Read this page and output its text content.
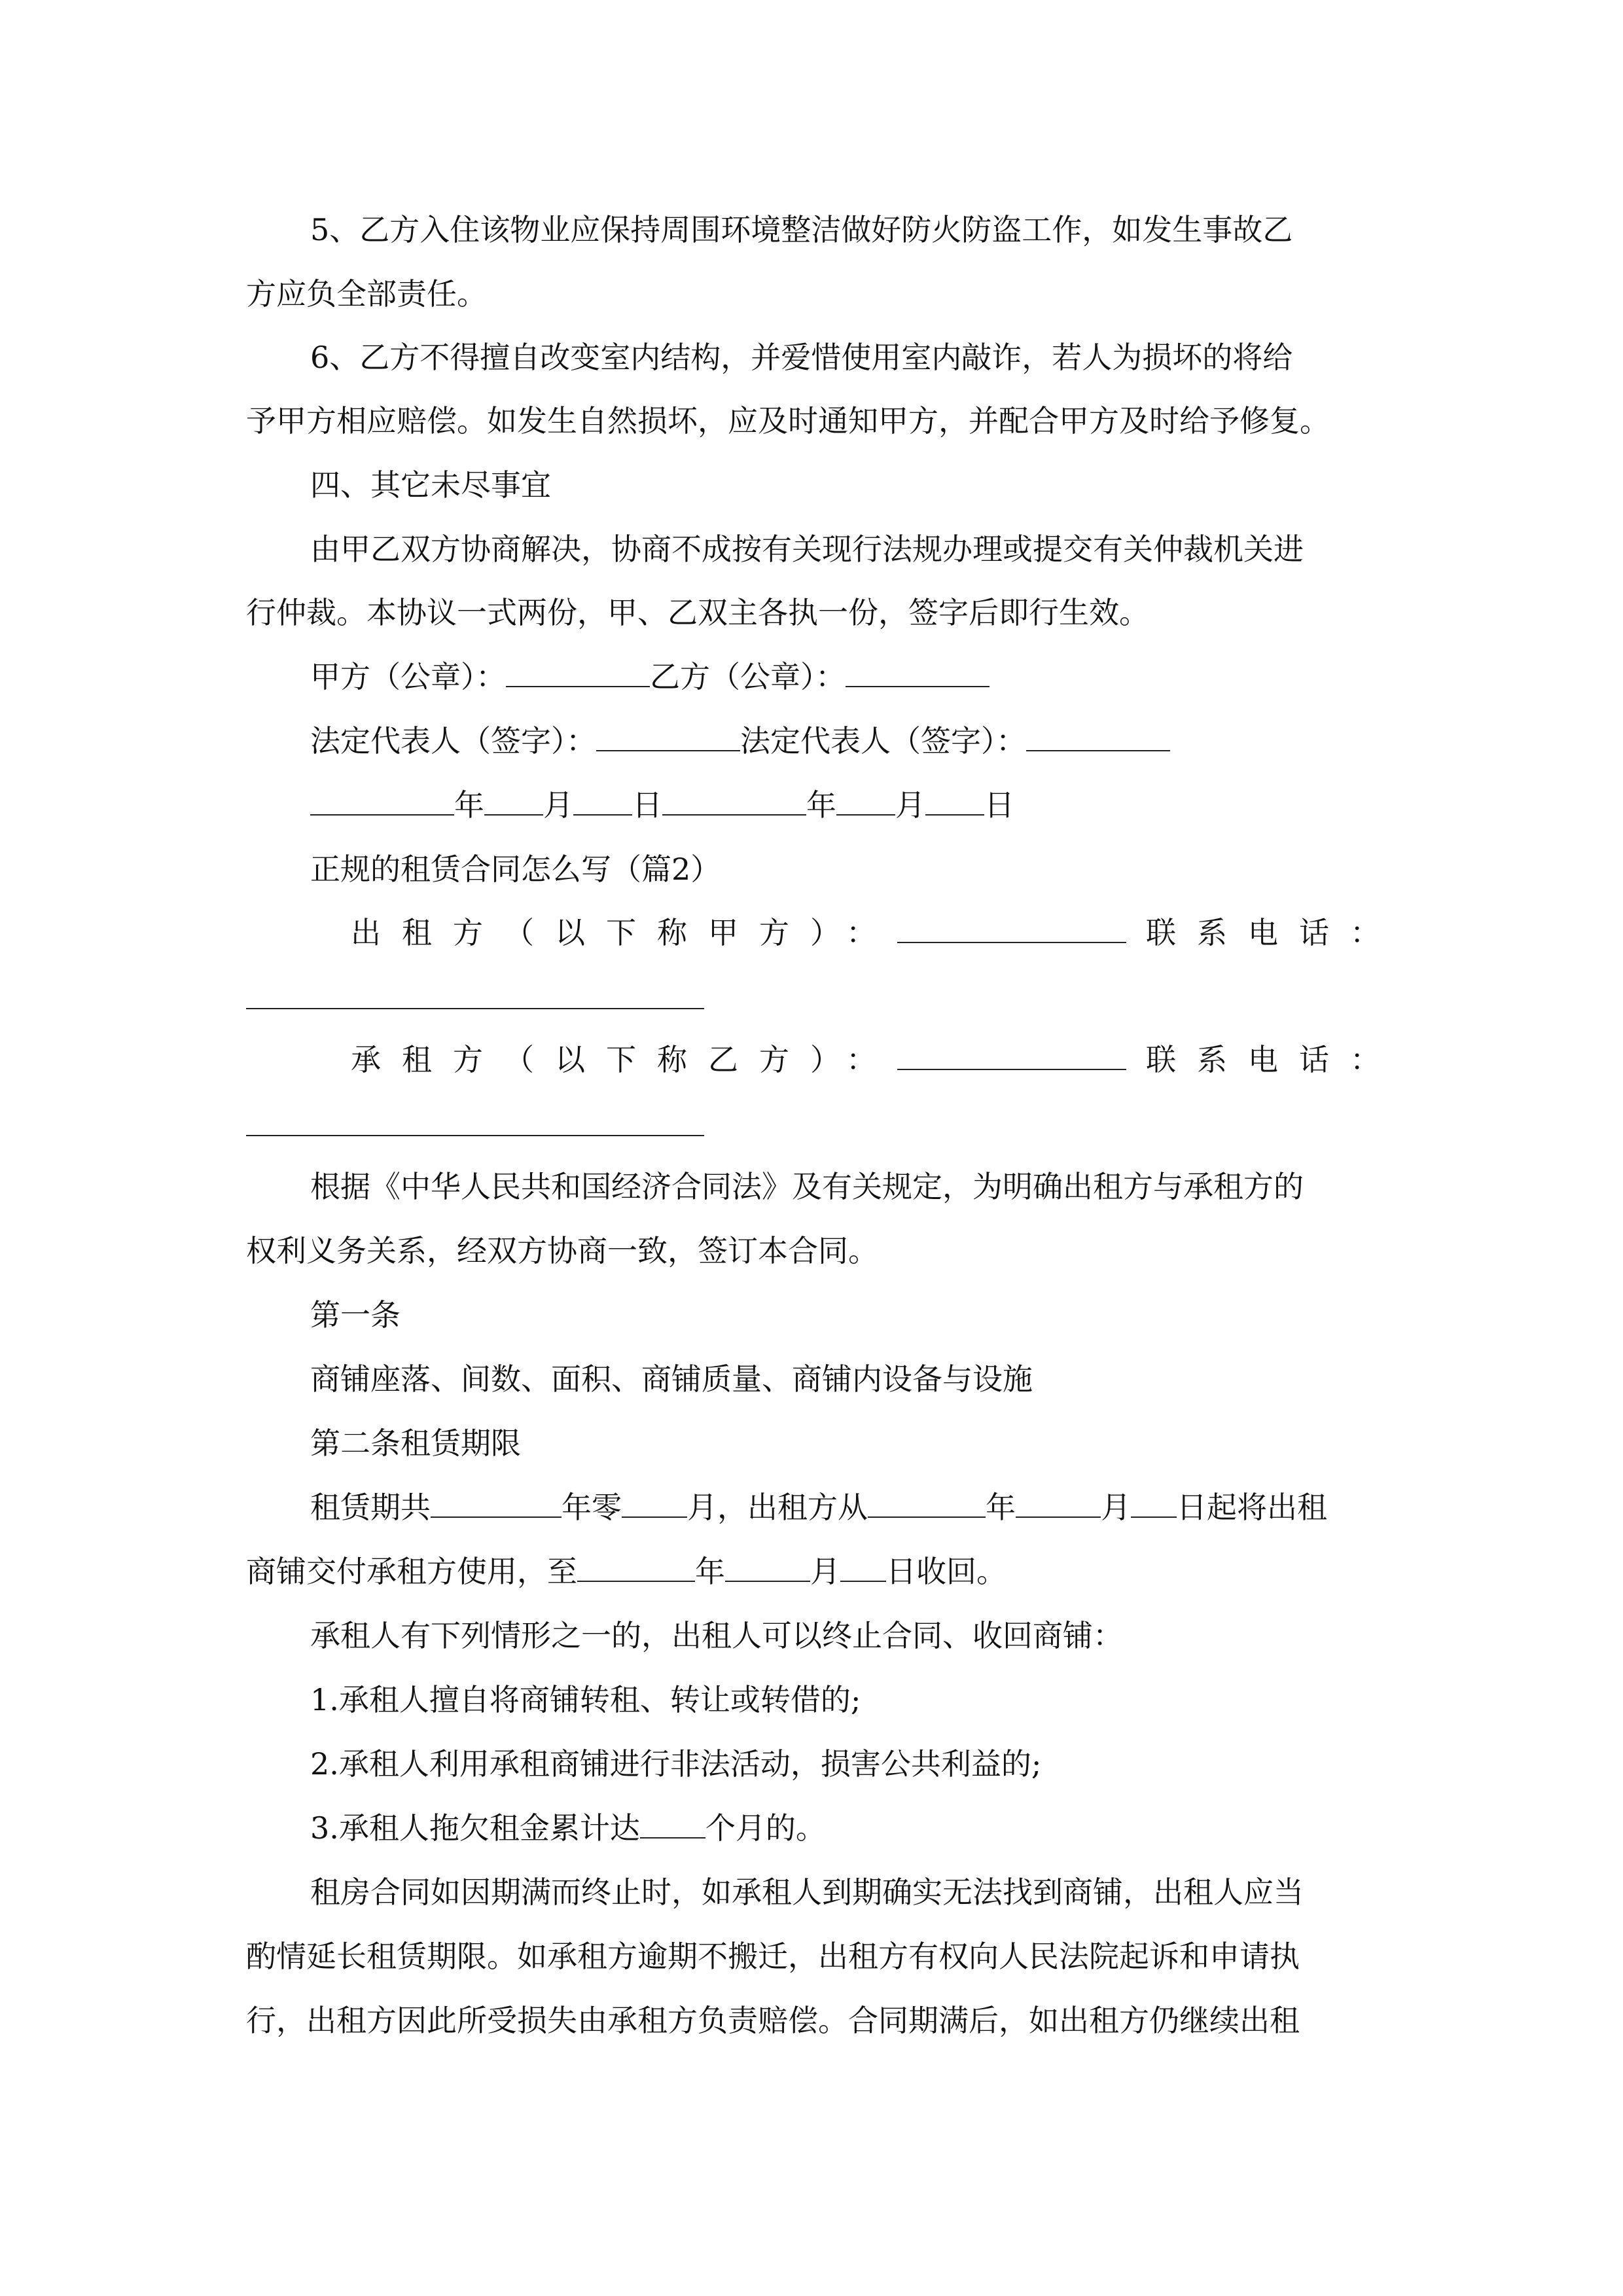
5、乙方入住该物业应保持周围环境整洁做好防火防盗工作，如发生事故乙

方应负全部责任。

6、乙方不得擅自改变室内结构，并爱惜使用室内敲诈，若人为损坏的将给

予甲方相应赔偿。如发生自然损坏，应及时通知甲方，并配合甲方及时给予修复。

四、其它未尽事宜

由甲乙双方协商解决，协商不成按有关现行法规办理或提交有关仲裁机关进

行仲裁。本协议一式两份，甲、乙双主各执一份，签字后即行生效。

甲方（公章）：	乙方（公章）：

法定代表人（签字）：	法定代表人（签字）：

年 月 日	年 月 日

正规的租赁合同怎么写（篇2）

出租方（以下称甲方）：	联系电话：

承租方（以下称乙方）：	联系电话：

根据《中华人民共和国经济合同法》及有关规定，为明确出租方与承租方的

权利义务关系，经双方协商一致，签订本合同。

第一条

商铺座落、间数、面积、商铺质量、商铺内设备与设施

第二条租赁期限

租赁期共	年零 月，出租方从	年	月 日起将出租

商铺交付承租方使用，至	年	月 日收回。

承租人有下列情形之一的，出租人可以终止合同、收回商铺：

1.承租人擅自将商铺转租、转让或转借的;

2.承租人利用承租商铺进行非法活动，损害公共利益的;

3.承租人拖欠租金累计达 个月的。

租房合同如因期满而终止时，如承租人到期确实无法找到商铺，出租人应当

酌情延长租赁期限。如承租方逾期不搬迁，出租方有权向人民法院起诉和申请执

行，出租方因此所受损失由承租方负责赔偿。合同期满后，如出租方仍继续出租
